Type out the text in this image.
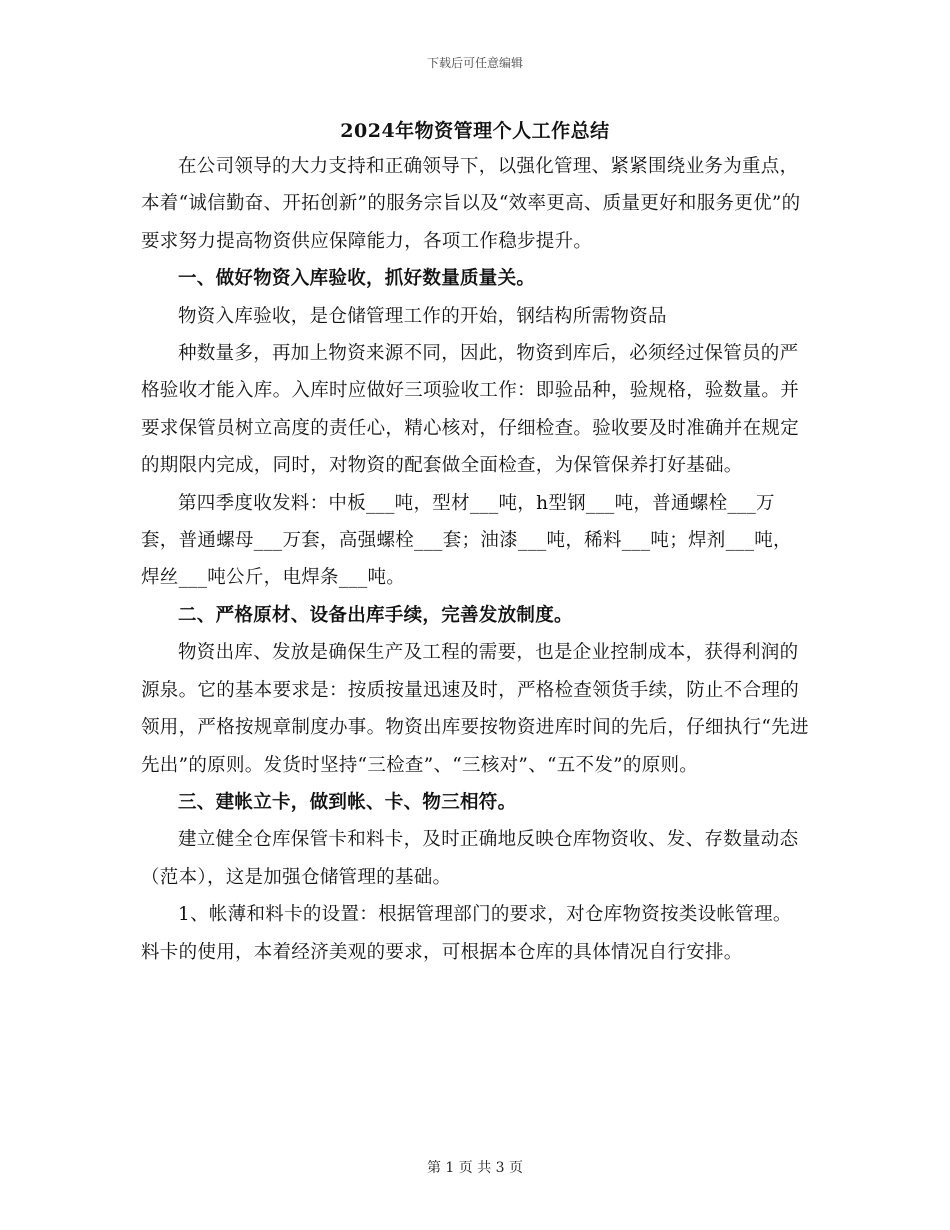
下载后可任意编辑
2024年物资管理个人工作总结

在公司领导的大力支持和正确领导下，以强化管理、紧紧围绕业务为重点，本着“诚信勤奋、开拓创新”的服务宗旨以及“效率更高、质量更好和服务更优”的要求努力提高物资供应保障能力，各项工作稳步提升。

一、做好物资入库验收，抓好数量质量关。

物资入库验收，是仓储管理工作的开始，钢结构所需物资品

种数量多，再加上物资来源不同，因此，物资到库后，必须经过保管员的严格验收才能入库。入库时应做好三项验收工作：即验品种，验规格，验数量。并要求保管员树立高度的责任心，精心核对，仔细检查。验收要及时准确并在规定的期限内完成，同时，对物资的配套做全面检查，为保管保养打好基础。

第四季度收发料：中板___吨，型材___吨，h型钢___吨，普通螺栓___万套，普通螺母___万套，高强螺栓___套；油漆___吨，稀料___吨；焊剂___吨，焊丝___吨公斤，电焊条___吨。

二、严格原材、设备出库手续，完善发放制度。

物资出库、发放是确保生产及工程的需要，也是企业控制成本，获得利润的源泉。它的基本要求是：按质按量迅速及时，严格检查领货手续，防止不合理的领用，严格按规章制度办事。物资出库要按物资进库时间的先后，仔细执行“先进先出”的原则。发货时坚持“三检查”、“三核对”、“五不发”的原则。

三、建帐立卡，做到帐、卡、物三相符。

建立健全仓库保管卡和料卡，及时正确地反映仓库物资收、发、存数量动态（范本），这是加强仓储管理的基础。

1、帐薄和料卡的设置：根据管理部门的要求，对仓库物资按类设帐管理。料卡的使用，本着经济美观的要求，可根据本仓库的具体情况自行安排。

第 1 页 共 3 页
